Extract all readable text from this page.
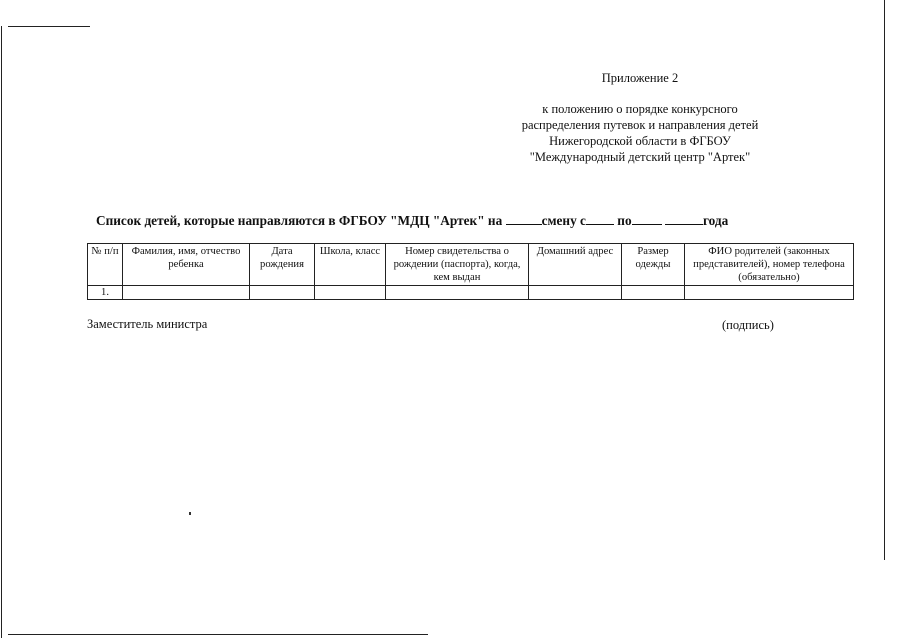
Приложение 2
к положению о порядке конкурсного
распределения путевок и направления детей
Нижегородской области в ФГБОУ
"Международный детский центр "Артек"
Список детей, которые направляются в ФГБОУ "МДЦ "Артек" на	смену с по	года
№ п/п	Фамилия, имя, отчество ребенка	Дата рождения	Школа, класс	Номер свидетельства о рождении (паспорта), когда, кем выдан	Домашний адрес	Размер одежды	ФИО родителей (законных представителей), номер телефона (обязательно)
1.							
Заместитель министра	(подпись)
